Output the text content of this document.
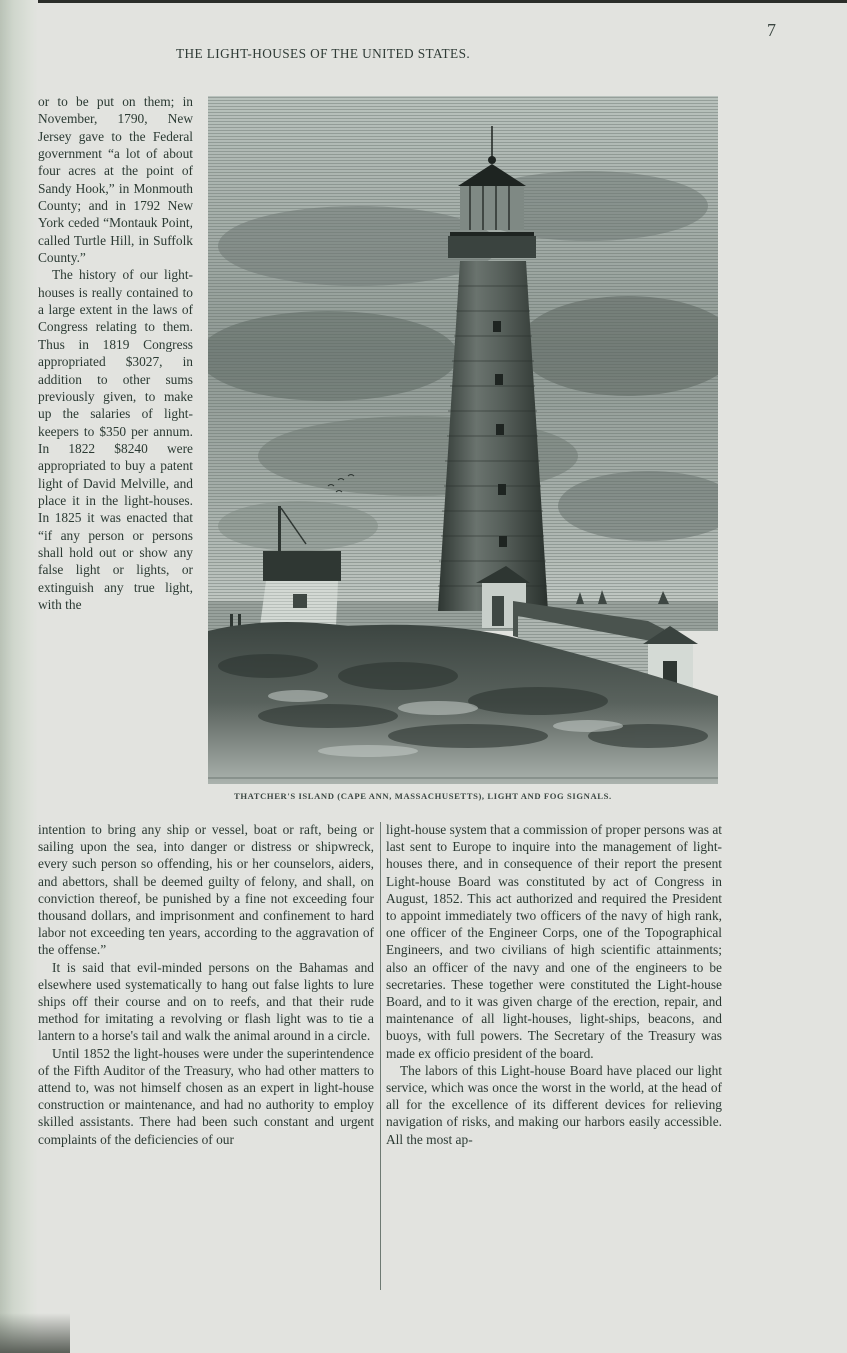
THE LIGHT-HOUSES OF THE UNITED STATES.
7

or to be put on them; in November, 1790, New Jersey gave to the Federal government “a lot of about four acres at the point of Sandy Hook,” in Monmouth County; and in 1792 New York ceded “Montauk Point, called Turtle Hill, in Suffolk County.”

The history of our light-houses is really contained to a large extent in the laws of Congress relating to them. Thus in 1819 Congress appropriated $3027, in addition to other sums previously given, to make up the salaries of light-keepers to $350 per annum. In 1822 $8240 were appropriated to buy a patent light of David Melville, and place it in the light-houses. In 1825 it was enacted that “if any person or persons shall hold out or show any false light or lights, or extinguish any true light, with the

THATCHER'S ISLAND (CAPE ANN, MASSACHUSETTS), LIGHT AND FOG SIGNALS.

intention to bring any ship or vessel, boat or raft, being or sailing upon the sea, into danger or distress or shipwreck, every such person so offending, his or her counselors, aiders, and abettors, shall be deemed guilty of felony, and shall, on conviction thereof, be punished by a fine not exceeding four thousand dollars, and imprisonment and confinement to hard labor not exceeding ten years, according to the aggravation of the offense.”

It is said that evil-minded persons on the Bahamas and elsewhere used systematically to hang out false lights to lure ships off their course and on to reefs, and that their rude method for imitating a revolving or flash light was to tie a lantern to a horse's tail and walk the animal around in a circle.

Until 1852 the light-houses were under the superintendence of the Fifth Auditor of the Treasury, who had other matters to attend to, was not himself chosen as an expert in light-house construction or maintenance, and had no authority to employ skilled assistants. There had been such constant and urgent complaints of the deficiencies of our

light-house system that a commission of proper persons was at last sent to Europe to inquire into the management of light-houses there, and in consequence of their report the present Light-house Board was constituted by act of Congress in August, 1852. This act authorized and required the President to appoint immediately two officers of the navy of high rank, one officer of the Engineer Corps, one of the Topographical Engineers, and two civilians of high scientific attainments; also an officer of the navy and one of the engineers to be secretaries. These together were constituted the Light-house Board, and to it was given charge of the erection, repair, and maintenance of all light-houses, light-ships, beacons, and buoys, with full powers. The Secretary of the Treasury was made ex officio president of the board.

The labors of this Light-house Board have placed our light service, which was once the worst in the world, at the head of all for the excellence of its different devices for relieving navigation of risks, and making our harbors easily accessible. All the most ap-
